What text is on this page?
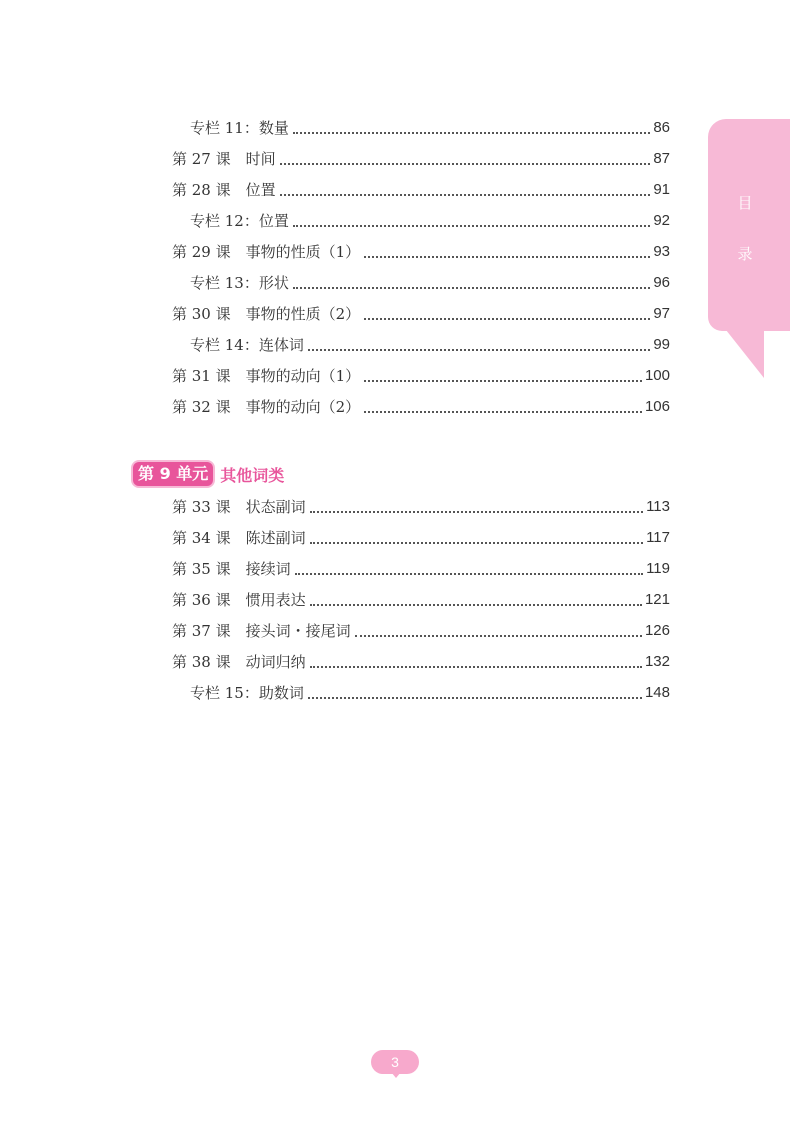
专栏 11：数量	86
第 27 课　时间	87
第 28 课　位置	91
专栏 12：位置	92
第 29 课　事物的性质（1）	93
专栏 13：形状	96
第 30 课　事物的性质（2）	97
专栏 14：连体词	99
第 31 课　事物的动向（1）	100
第 32 课　事物的动向（2）	106
第 9 单元 其他词类
第 33 课　状态副词	113
第 34 课　陈述副词	117
第 35 课　接续词	119
第 36 课　惯用表达	121
第 37 课　接头词・接尾词	126
第 38 课　动词归纳	132
专栏 15：助数词	148
目
录
3
